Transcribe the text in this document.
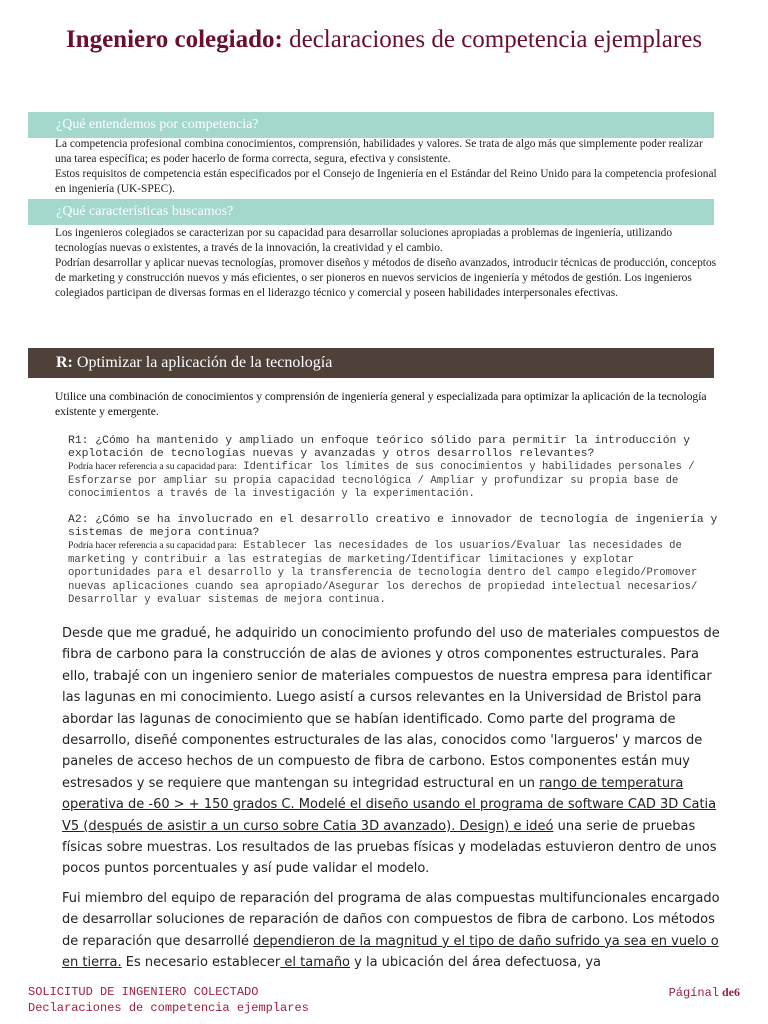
Ingeniero colegiado: declaraciones de competencia ejemplares
¿Qué entendemos por competencia?

La competencia profesional combina conocimientos, comprensión, habilidades y valores. Se trata de algo más que simplemente poder realizar una tarea específica; es poder hacerlo de forma correcta, segura, efectiva y consistente.

Estos requisitos de competencia están especificados por el Consejo de Ingeniería en el Estándar del Reino Unido para la competencia profesional en ingeniería (UK-SPEC).

¿Qué características buscamos?

Los ingenieros colegiados se caracterizan por su capacidad para desarrollar soluciones apropiadas a problemas de ingeniería, utilizando tecnologías nuevas o existentes, a través de la innovación, la creatividad y el cambio.

Podrían desarrollar y aplicar nuevas tecnologías, promover diseños y métodos de diseño avanzados, introducir técnicas de producción, conceptos de marketing y construcción nuevos y más eficientes, o ser pioneros en nuevos servicios de ingeniería y métodos de gestión. Los ingenieros colegiados participan de diversas formas en el liderazgo técnico y comercial y poseen habilidades interpersonales efectivas.

R: Optimizar la aplicación de la tecnología
Utilice una combinación de conocimientos y comprensión de ingeniería general y especializada para optimizar la aplicación de la tecnología existente y emergente.
R1: ¿Cómo ha mantenido y ampliado un enfoque teórico sólido para permitir la introducción y explotación de tecnologías nuevas y avanzadas y otros desarrollos relevantes?
Podría hacer referencia a su capacidad para: Identificar los límites de sus conocimientos y habilidades personales / Esforzarse por ampliar su propia capacidad tecnológica / Ampliar y profundizar su propia base de conocimientos a través de la investigación y la experimentación.
A2: ¿Cómo se ha involucrado en el desarrollo creativo e innovador de tecnología de ingeniería y sistemas de mejora continua?
Podría hacer referencia a su capacidad para: Establecer las necesidades de los usuarios/Evaluar las necesidades de marketing y contribuir a las estrategias de marketing/Identificar limitaciones y explotar oportunidades para el desarrollo y la transferencia de tecnología dentro del campo elegido/Promover nuevas aplicaciones cuando sea apropiado/Asegurar los derechos de propiedad intelectual necesarios/ Desarrollar y evaluar sistemas de mejora continua.

Desde que me gradué, he adquirido un conocimiento profundo del uso de materiales compuestos de fibra de carbono para la construcción de alas de aviones y otros componentes estructurales. Para ello, trabajé con un ingeniero senior de materiales compuestos de nuestra empresa para identificar las lagunas en mi conocimiento. Luego asistí a cursos relevantes en la Universidad de Bristol para abordar las lagunas de conocimiento que se habían identificado. Como parte del programa de desarrollo, diseñé componentes estructurales de las alas, conocidos como 'largueros' y marcos de paneles de acceso hechos de un compuesto de fibra de carbono. Estos componentes están muy estresados y se requiere que mantengan su integridad estructural en un rango de temperatura operativa de -60 > + 150 grados C. Modelé el diseño usando el programa de software CAD 3D Catia V5 (después de asistir a un curso sobre Catia 3D avanzado). Design) e ideó una serie de pruebas físicas sobre muestras. Los resultados de las pruebas físicas y modeladas estuvieron dentro de unos pocos puntos porcentuales y así pude validar el modelo.

Fui miembro del equipo de reparación del programa de alas compuestas multifuncionales encargado de desarrollar soluciones de reparación de daños con compuestos de fibra de carbono. Los métodos de reparación que desarrollé dependieron de la magnitud y el tipo de daño sufrido ya sea en vuelo o en tierra. Es necesario establecer el tamaño y la ubicación del área defectuosa, ya

SOLICITUD DE INGENIERO COLECTADO
Declaraciones de competencia ejemplares
Págínal de6
